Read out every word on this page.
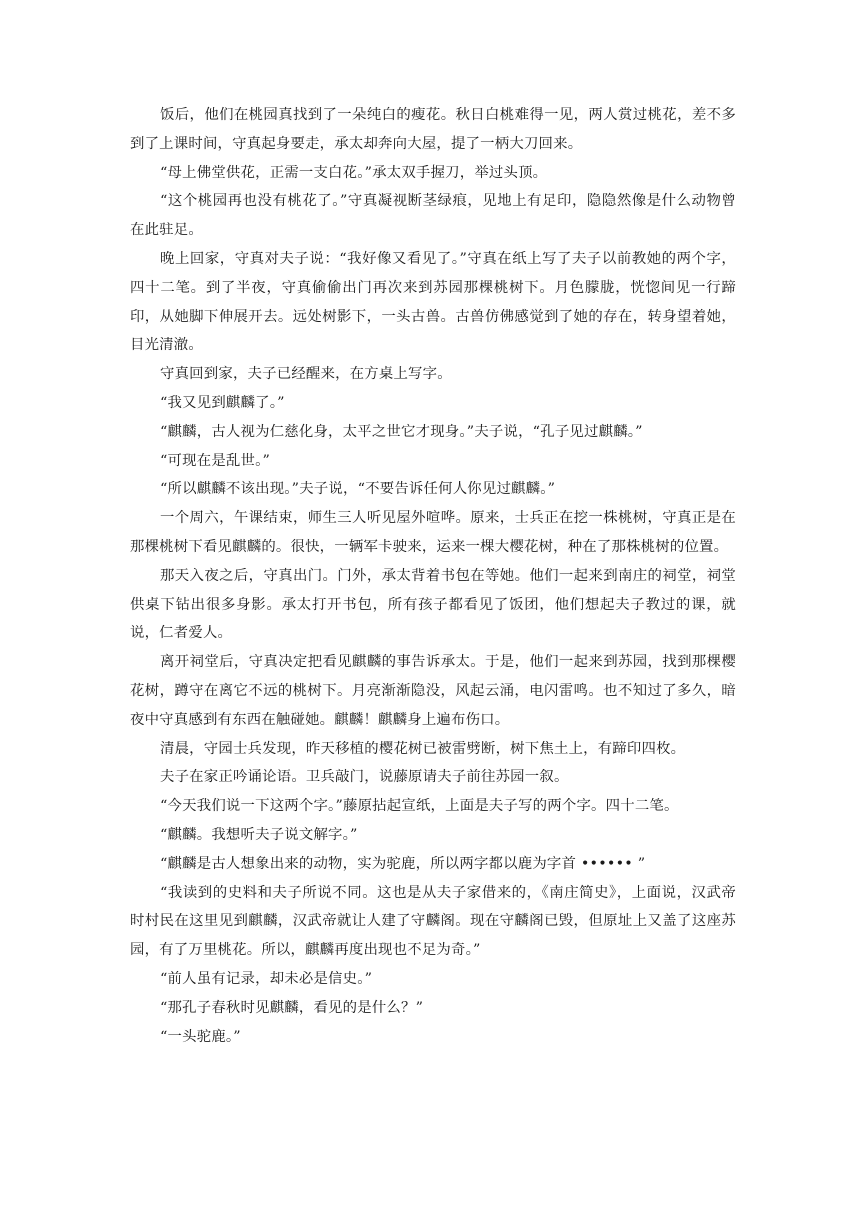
饭后，他们在桃园真找到了一朵纯白的瘦花。秋日白桃难得一见，两人赏过桃花，差不多到了上课时间，守真起身要走，承太却奔向大屋，提了一柄大刀回来。

“母上佛堂供花，正需一支白花。”承太双手握刀，举过头顶。

“这个桃园再也没有桃花了。”守真凝视断茎绿痕，见地上有足印，隐隐然像是什么动物曾在此驻足。

晚上回家，守真对夫子说：“我好像又看见了。”守真在纸上写了夫子以前教她的两个字，四十二笔。到了半夜，守真偷偷出门再次来到苏园那棵桃树下。月色朦胧，恍惚间见一行蹄印，从她脚下伸展开去。远处树影下，一头古兽。古兽仿佛感觉到了她的存在，转身望着她，目光清澈。

守真回到家，夫子已经醒来，在方桌上写字。

“我又见到麒麟了。”

“麒麟，古人视为仁慈化身，太平之世它才现身。”夫子说，“孔子见过麒麟。”

“可现在是乱世。”

“所以麒麟不该出现。”夫子说，“不要告诉任何人你见过麒麟。”

一个周六，午课结束，师生三人听见屋外喧哗。原来，士兵正在挖一株桃树，守真正是在那棵桃树下看见麒麟的。很快，一辆军卡驶来，运来一棵大樱花树，种在了那株桃树的位置。

那天入夜之后，守真出门。门外，承太背着书包在等她。他们一起来到南庄的祠堂，祠堂供桌下钻出很多身影。承太打开书包，所有孩子都看见了饭团，他们想起夫子教过的课，就说，仁者爱人。

离开祠堂后，守真决定把看见麒麟的事告诉承太。于是，他们一起来到苏园，找到那棵樱花树，蹲守在离它不远的桃树下。月亮渐渐隐没，风起云涌，电闪雷鸣。也不知过了多久，暗夜中守真感到有东西在触碰她。麒麟！麒麟身上遍布伤口。

清晨，守园士兵发现，昨天移植的樱花树已被雷劈断，树下焦土上，有蹄印四枚。

夫子在家正吟诵论语。卫兵敲门，说藤原请夫子前往苏园一叙。

“今天我们说一下这两个字。”藤原拈起宣纸，上面是夫子写的两个字。四十二笔。

“麒麟。我想听夫子说文解字。”

“麒麟是古人想象出来的动物，实为驼鹿，所以两字都以鹿为字首 •••••• ”

“我读到的史料和夫子所说不同。这也是从夫子家借来的，《南庄简史》，上面说，汉武帝时村民在这里见到麒麟，汉武帝就让人建了守麟阁。现在守麟阁已毁，但原址上又盖了这座苏园，有了万里桃花。所以，麒麟再度出现也不足为奇。”

“前人虽有记录，却未必是信史。”

“那孔子春秋时见麒麟，看见的是什么？”

“一头驼鹿。”
